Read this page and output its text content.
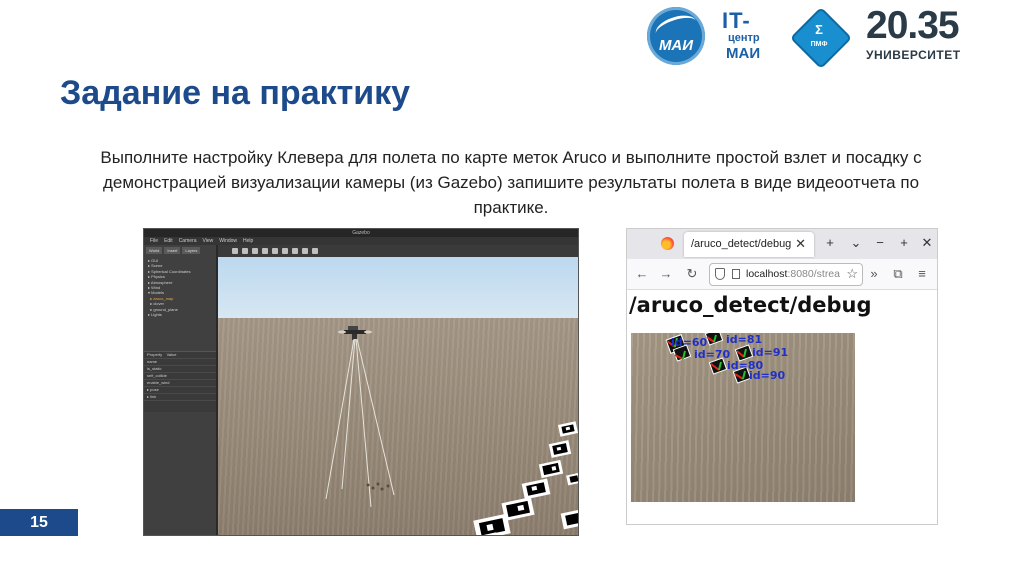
МАИ
IT-
центр
МАИ
Σ
ПМФ 20.35
УНИВЕРСИТЕТ
Задание на практику
Выполните настройку Клевера для полета по карте меток Aruco и выполните простой взлет и посадку с демонстрацией визуализации камеры (из Gazebo) запишите результаты полета в виде видеоотчета по практике.
Gazebo
File Edit Camera View Window Help
World	Insert	Layers
▸ GUI
▸ Scene
▸ Spherical Coordinates
▸ Physics
▸ Atmosphere
▸ Wind
▾ Models
▸ aruco_map
▸ clover
▸ ground_plane
▸ Lights
Property    Value
name
is_static
self_collide
enable_wind
▸ pose
▸ link
/aruco_detect/debug ✕ + ⌄ − + ✕
← → ↻	localhost:8080/strea ☆ » ⧉ ≡
/aruco_detect/debug
id=60 id=81
id=70 id=91
id=80
id=90
15
